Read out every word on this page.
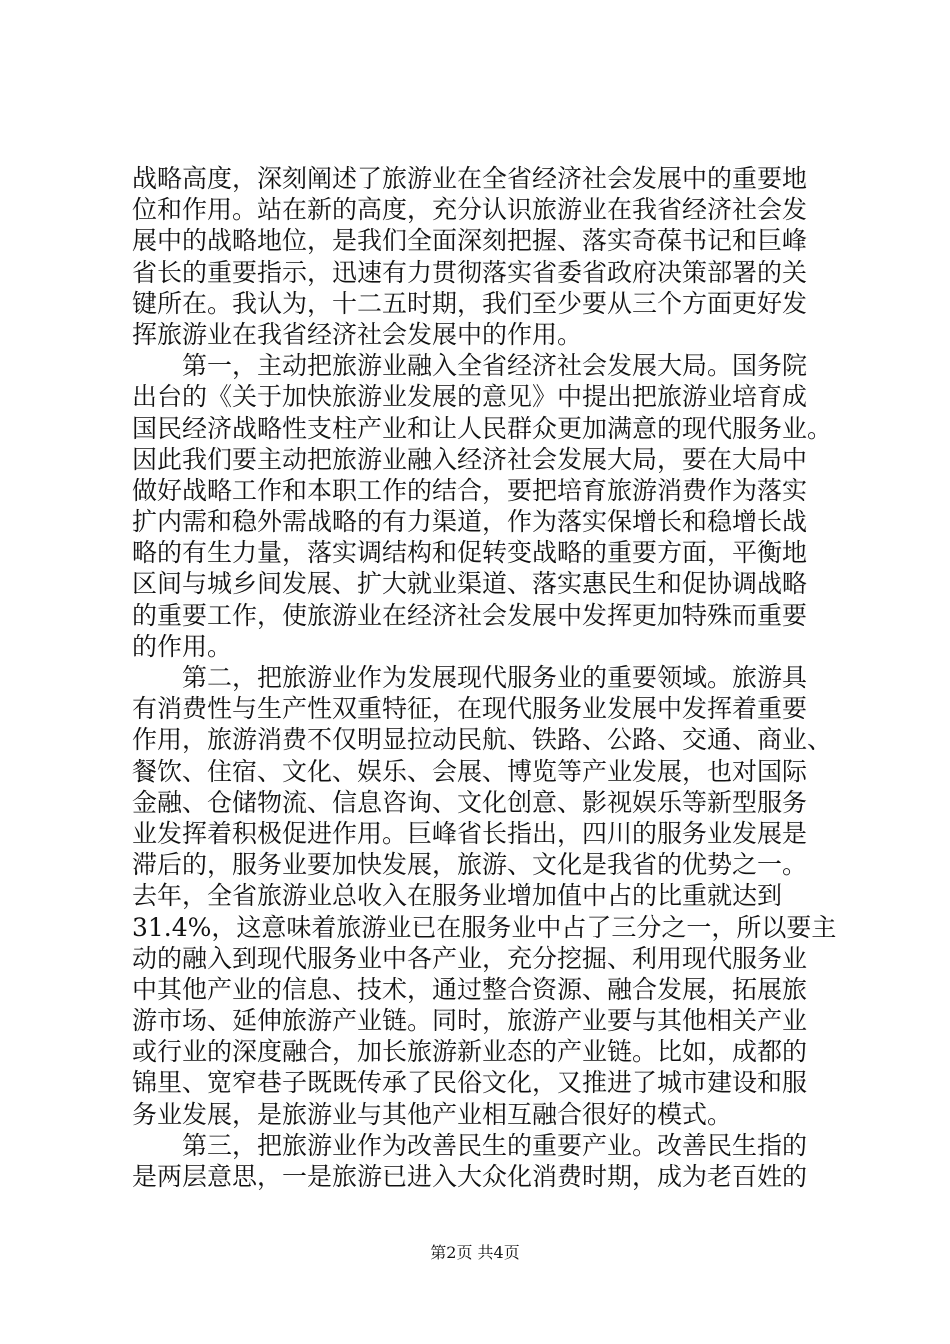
战略高度，深刻阐述了旅游业在全省经济社会发展中的重要地
位和作用。站在新的高度，充分认识旅游业在我省经济社会发
展中的战略地位，是我们全面深刻把握、落实奇葆书记和巨峰
省长的重要指示，迅速有力贯彻落实省委省政府决策部署的关
键所在。我认为，十二五时期，我们至少要从三个方面更好发
挥旅游业在我省经济社会发展中的作用。
　　第一，主动把旅游业融入全省经济社会发展大局。国务院
出台的《关于加快旅游业发展的意见》中提出把旅游业培育成
国民经济战略性支柱产业和让人民群众更加满意的现代服务业。
因此我们要主动把旅游业融入经济社会发展大局，要在大局中
做好战略工作和本职工作的结合，要把培育旅游消费作为落实
扩内需和稳外需战略的有力渠道，作为落实保增长和稳增长战
略的有生力量，落实调结构和促转变战略的重要方面，平衡地
区间与城乡间发展、扩大就业渠道、落实惠民生和促协调战略
的重要工作，使旅游业在经济社会发展中发挥更加特殊而重要
的作用。
　　第二，把旅游业作为发展现代服务业的重要领域。旅游具
有消费性与生产性双重特征，在现代服务业发展中发挥着重要
作用，旅游消费不仅明显拉动民航、铁路、公路、交通、商业、
餐饮、住宿、文化、娱乐、会展、博览等产业发展，也对国际
金融、仓储物流、信息咨询、文化创意、影视娱乐等新型服务
业发挥着积极促进作用。巨峰省长指出，四川的服务业发展是
滞后的，服务业要加快发展，旅游、文化是我省的优势之一。
去年，全省旅游业总收入在服务业增加值中占的比重就达到
31.4%，这意味着旅游业已在服务业中占了三分之一，所以要主
动的融入到现代服务业中各产业，充分挖掘、利用现代服务业
中其他产业的信息、技术，通过整合资源、融合发展，拓展旅
游市场、延伸旅游产业链。同时，旅游产业要与其他相关产业
或行业的深度融合，加长旅游新业态的产业链。比如，成都的
锦里、宽窄巷子既既传承了民俗文化，又推进了城市建设和服
务业发展，是旅游业与其他产业相互融合很好的模式。
　　第三，把旅游业作为改善民生的重要产业。改善民生指的
是两层意思，一是旅游已进入大众化消费时期，成为老百姓的
第2页 共4页
